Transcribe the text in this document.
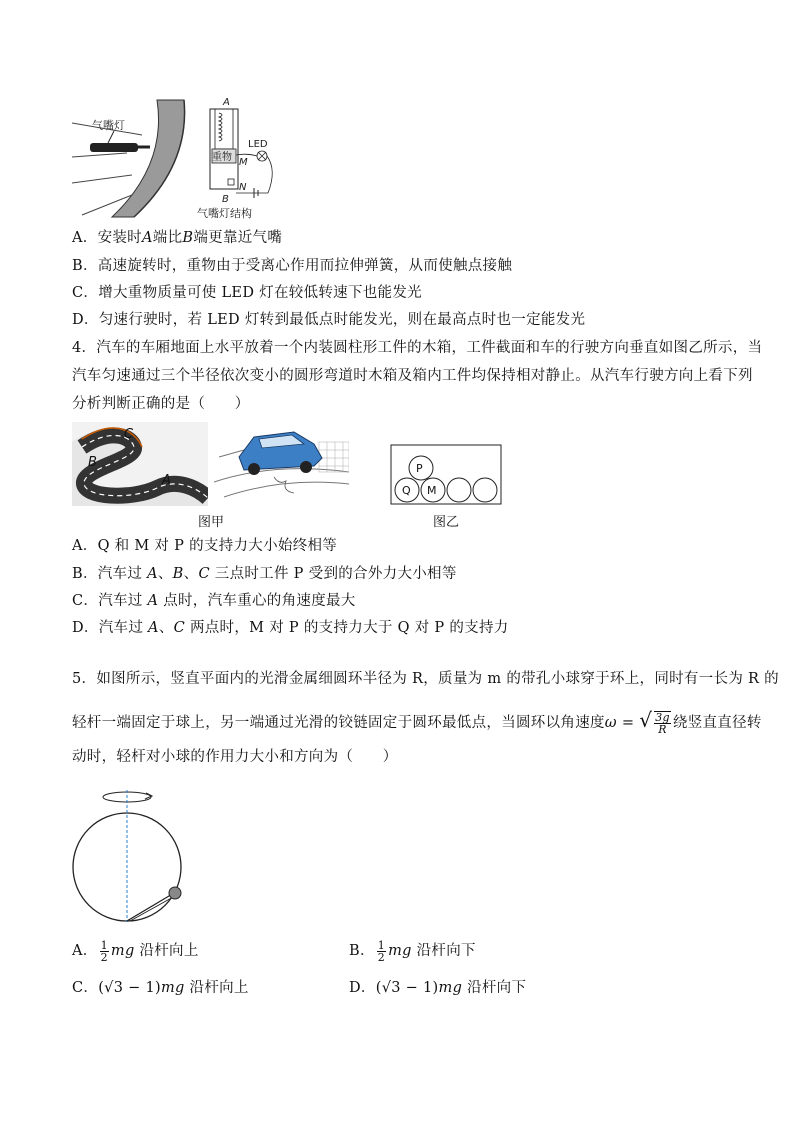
气嘴灯
A
重物 M
N
B
LED
气嘴灯结构
A．安装时A端比B端更靠近气嘴
B．高速旋转时，重物由于受离心作用而拉伸弹簧，从而使触点接触
C．增大重物质量可使 LED 灯在较低转速下也能发光
D．匀速行驶时，若 LED 灯转到最低点时能发光，则在最高点时也一定能发光
4．汽车的车厢地面上水平放着一个内装圆柱形工件的木箱，工件截面和车的行驶方向垂直如图乙所示，当
汽车匀速通过三个半径依次变小的圆形弯道时木箱及箱内工件均保持相对静止。从汽车行驶方向上看下列
分析判断正确的是（　　）
C
B
A
图甲
P
Q M
图乙
A．Q 和 M 对 P 的支持力大小始终相等
B．汽车过 A、B、C 三点时工件 P 受到的合外力大小相等
C．汽车过 A 点时，汽车重心的角速度最大
D．汽车过 A、C 两点时，M 对 P 的支持力大于 Q 对 P 的支持力
5．如图所示，竖直平面内的光滑金属细圆环半径为 R，质量为 m 的带孔小球穿于环上，同时有一长为 R 的
轻杆一端固定于球上，另一端通过光滑的铰链固定于圆环最低点，当圆环以角速度ω = √ $\frac{3g}{R}$ 绕竖直直径转
动时，轻杆对小球的作用力大小和方向为（　　）
A． $\frac{1}{2}$ mg 沿杆向上	B． $\frac{1}{2}$ mg 沿杆向下
C．(√3 − 1)mg 沿杆向上	D．(√3 − 1)mg 沿杆向下
